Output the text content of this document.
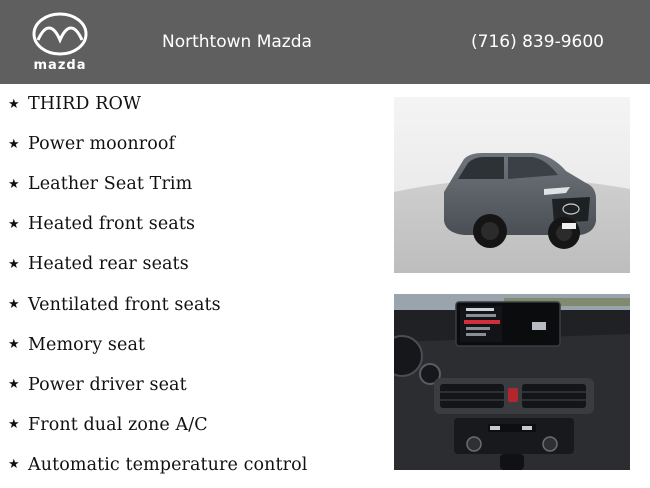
mazda
Northtown Mazda	(716) 839-9600
★ THIRD ROW
★ Power moonroof
★ Leather Seat Trim
★ Heated front seats
★ Heated rear seats
★ Ventilated front seats
★ Memory seat
★ Power driver seat
★ Front dual zone A/C
★ Automatic temperature control
